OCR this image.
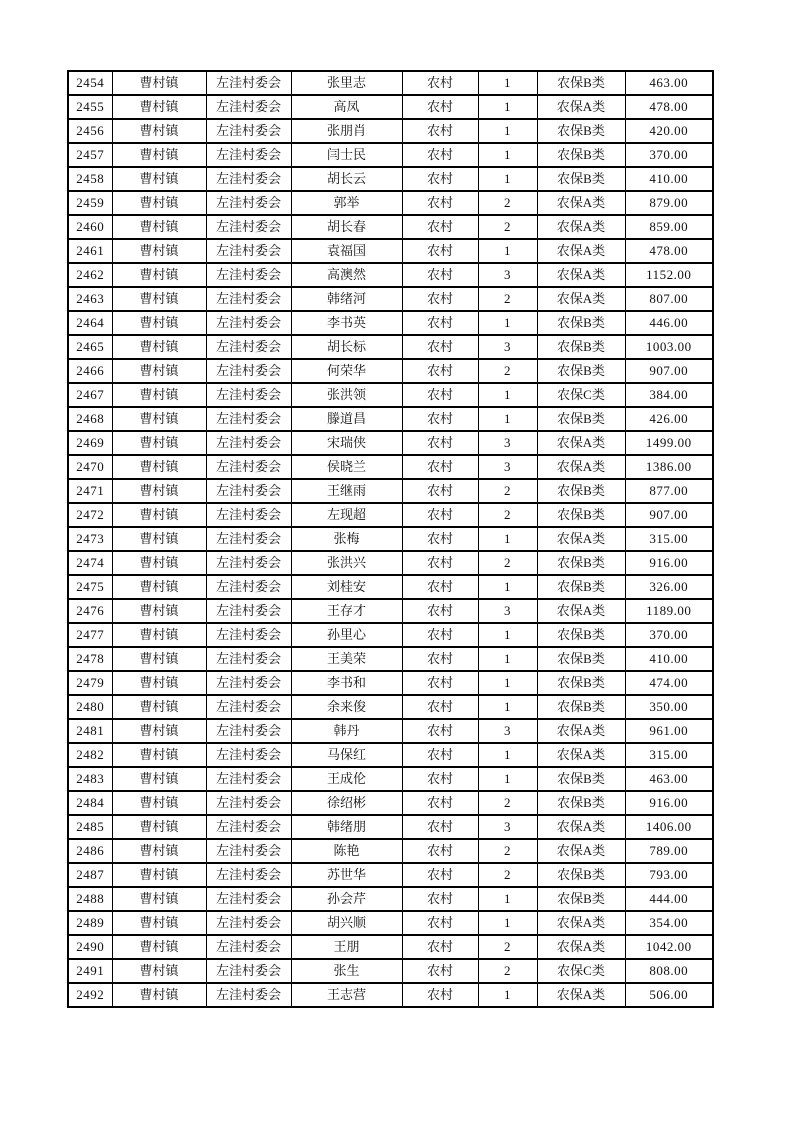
2454	曹村镇	左洼村委会	张里志	农村	1	农保B类	463.00
2455	曹村镇	左洼村委会	高凤	农村	1	农保A类	478.00
2456	曹村镇	左洼村委会	张朋肖	农村	1	农保B类	420.00
2457	曹村镇	左洼村委会	闫士民	农村	1	农保B类	370.00
2458	曹村镇	左洼村委会	胡长云	农村	1	农保B类	410.00
2459	曹村镇	左洼村委会	郭举	农村	2	农保A类	879.00
2460	曹村镇	左洼村委会	胡长春	农村	2	农保A类	859.00
2461	曹村镇	左洼村委会	袁福国	农村	1	农保A类	478.00
2462	曹村镇	左洼村委会	高澳然	农村	3	农保A类	1152.00
2463	曹村镇	左洼村委会	韩绪河	农村	2	农保A类	807.00
2464	曹村镇	左洼村委会	李书英	农村	1	农保B类	446.00
2465	曹村镇	左洼村委会	胡长标	农村	3	农保B类	1003.00
2466	曹村镇	左洼村委会	何荣华	农村	2	农保B类	907.00
2467	曹村镇	左洼村委会	张洪领	农村	1	农保C类	384.00
2468	曹村镇	左洼村委会	滕道昌	农村	1	农保B类	426.00
2469	曹村镇	左洼村委会	宋瑞侠	农村	3	农保A类	1499.00
2470	曹村镇	左洼村委会	侯晓兰	农村	3	农保A类	1386.00
2471	曹村镇	左洼村委会	王继雨	农村	2	农保B类	877.00
2472	曹村镇	左洼村委会	左现超	农村	2	农保B类	907.00
2473	曹村镇	左洼村委会	张梅	农村	1	农保A类	315.00
2474	曹村镇	左洼村委会	张洪兴	农村	2	农保B类	916.00
2475	曹村镇	左洼村委会	刘桂安	农村	1	农保B类	326.00
2476	曹村镇	左洼村委会	王存才	农村	3	农保A类	1189.00
2477	曹村镇	左洼村委会	孙里心	农村	1	农保B类	370.00
2478	曹村镇	左洼村委会	王美荣	农村	1	农保B类	410.00
2479	曹村镇	左洼村委会	李书和	农村	1	农保B类	474.00
2480	曹村镇	左洼村委会	余来俊	农村	1	农保B类	350.00
2481	曹村镇	左洼村委会	韩丹	农村	3	农保A类	961.00
2482	曹村镇	左洼村委会	马保红	农村	1	农保A类	315.00
2483	曹村镇	左洼村委会	王成伦	农村	1	农保B类	463.00
2484	曹村镇	左洼村委会	徐绍彬	农村	2	农保B类	916.00
2485	曹村镇	左洼村委会	韩绪朋	农村	3	农保A类	1406.00
2486	曹村镇	左洼村委会	陈艳	农村	2	农保A类	789.00
2487	曹村镇	左洼村委会	苏世华	农村	2	农保B类	793.00
2488	曹村镇	左洼村委会	孙会芹	农村	1	农保B类	444.00
2489	曹村镇	左洼村委会	胡兴顺	农村	1	农保A类	354.00
2490	曹村镇	左洼村委会	王朋	农村	2	农保A类	1042.00
2491	曹村镇	左洼村委会	张生	农村	2	农保C类	808.00
2492	曹村镇	左洼村委会	王志营	农村	1	农保A类	506.00
